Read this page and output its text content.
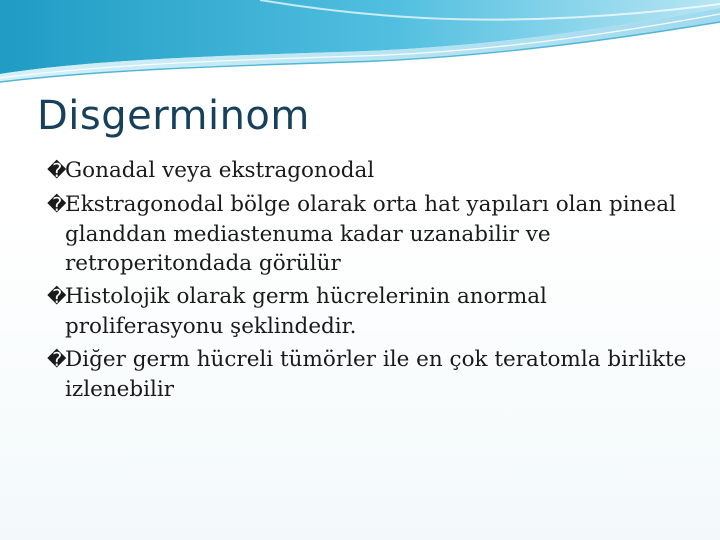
Disgerminom

�Gonadal veya ekstragonodal

�Ekstragonodal bölge olarak orta hat yapıları olan pineal glanddan mediastenuma kadar uzanabilir ve retroperitondada görülür

�Histolojik olarak germ hücrelerinin anormal proliferasyonu şeklindedir.

�Diğer germ hücreli tümörler ile en çok teratomla birlikte izlenebilir
